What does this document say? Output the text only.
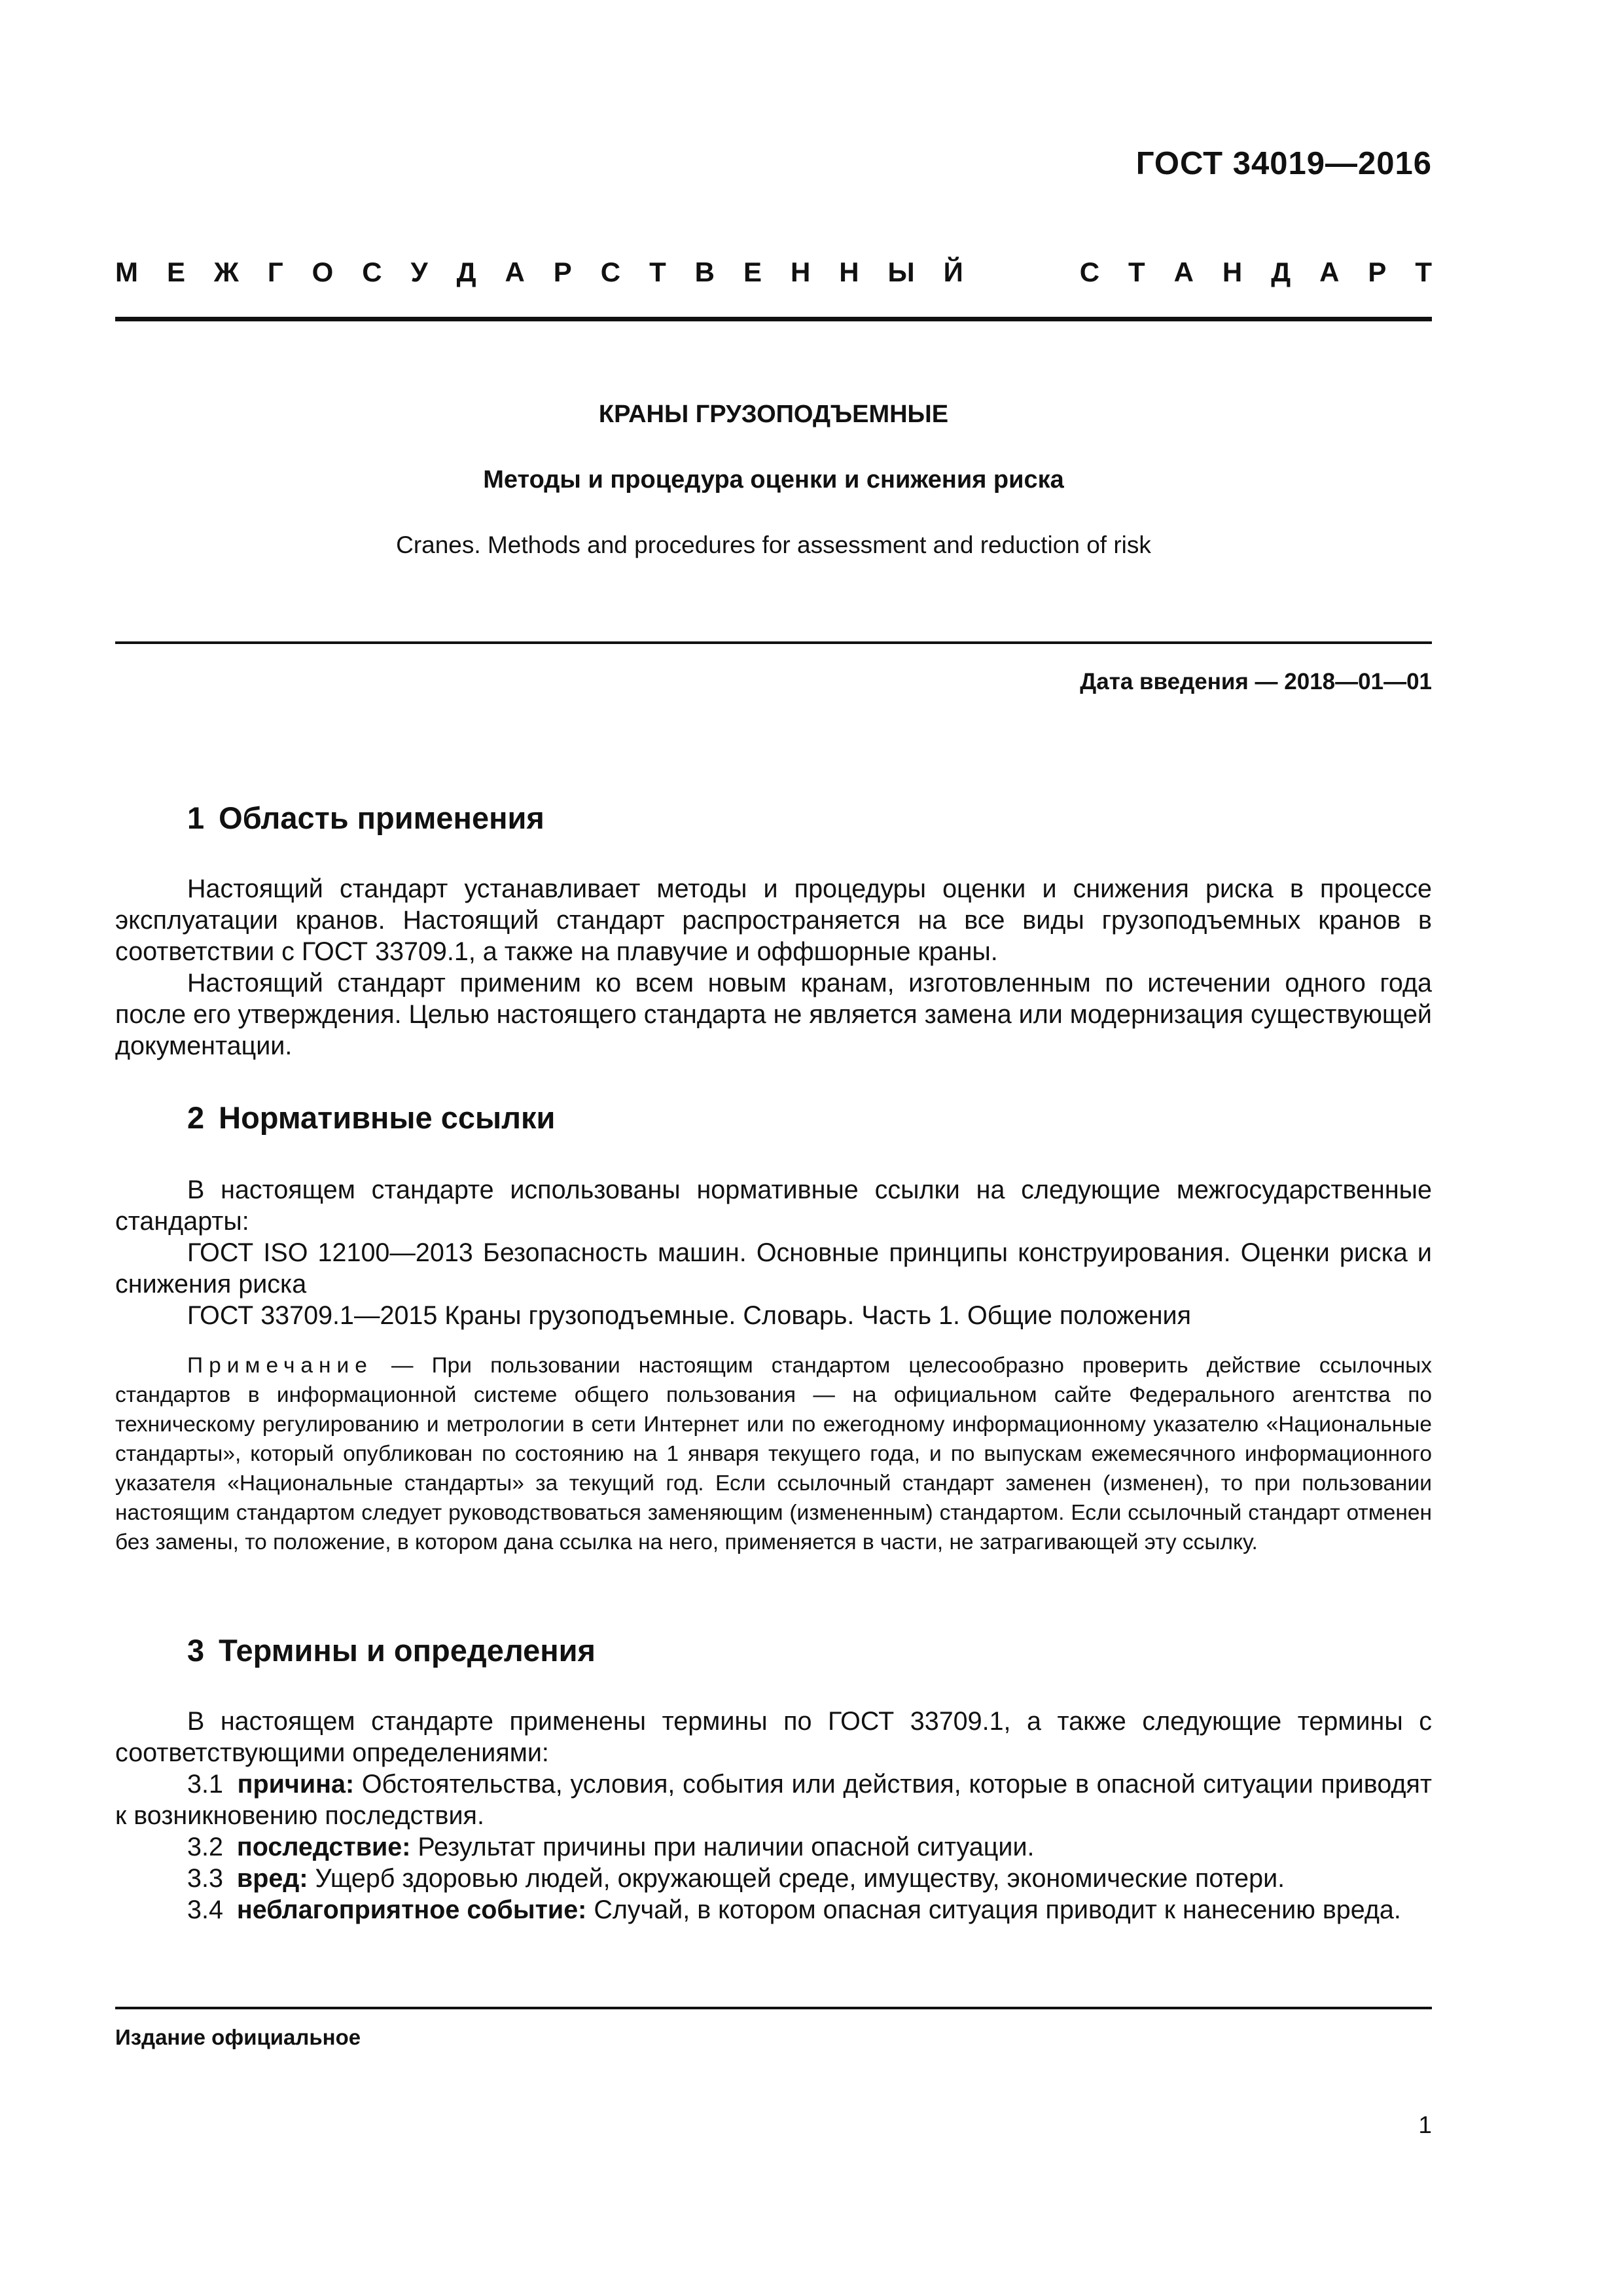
ГОСТ 34019—2016
М Е Ж Г О С У Д А Р С Т В Е Н Н Ы Й	С Т А Н Д А Р Т
КРАНЫ ГРУЗОПОДЪЕМНЫЕ
Методы и процедура оценки и снижения риска
Cranes. Methods and procedures for assessment and reduction of risk
Дата введения — 2018—01—01
1 Область применения

Настоящий стандарт устанавливает методы и процедуры оценки и снижения риска в процессе эксплуатации кранов. Настоящий стандарт распространяется на все виды грузоподъемных кранов в соответствии с ГОСТ 33709.1, а также на плавучие и оффшорные краны.

Настоящий стандарт применим ко всем новым кранам, изготовленным по истечении одного года после его утверждения. Целью настоящего стандарта не является замена или модернизация существующей документации.

2 Нормативные ссылки

В настоящем стандарте использованы нормативные ссылки на следующие межгосударственные стандарты:

ГОСТ ISO 12100—2013 Безопасность машин. Основные принципы конструирования. Оценки риска и снижения риска

ГОСТ 33709.1—2015 Краны грузоподъемные. Словарь. Часть 1. Общие положения

Примечание — При пользовании настоящим стандартом целесообразно проверить действие ссылочных стандартов в информационной системе общего пользования — на официальном сайте Федерального агентства по техническому регулированию и метрологии в сети Интернет или по ежегодному информационному указателю «Национальные стандарты», который опубликован по состоянию на 1 января текущего года, и по выпускам ежемесячного информационного указателя «Национальные стандарты» за текущий год. Если ссылочный стандарт заменен (изменен), то при пользовании настоящим стандартом следует руководствоваться заменяющим (измененным) стандартом. Если ссылочный стандарт отменен без замены, то положение, в котором дана ссылка на него, применяется в части, не затрагивающей эту ссылку.
3 Термины и определения

В настоящем стандарте применены термины по ГОСТ 33709.1, а также следующие термины с соответствующими определениями:

3.1 причина: Обстоятельства, условия, события или действия, которые в опасной ситуации приводят к возникновению последствия.

3.2 последствие: Результат причины при наличии опасной ситуации.

3.3 вред: Ущерб здоровью людей, окружающей среде, имуществу, экономические потери.

3.4 неблагоприятное событие: Случай, в котором опасная ситуация приводит к нанесению вреда.

Издание официальное
1
